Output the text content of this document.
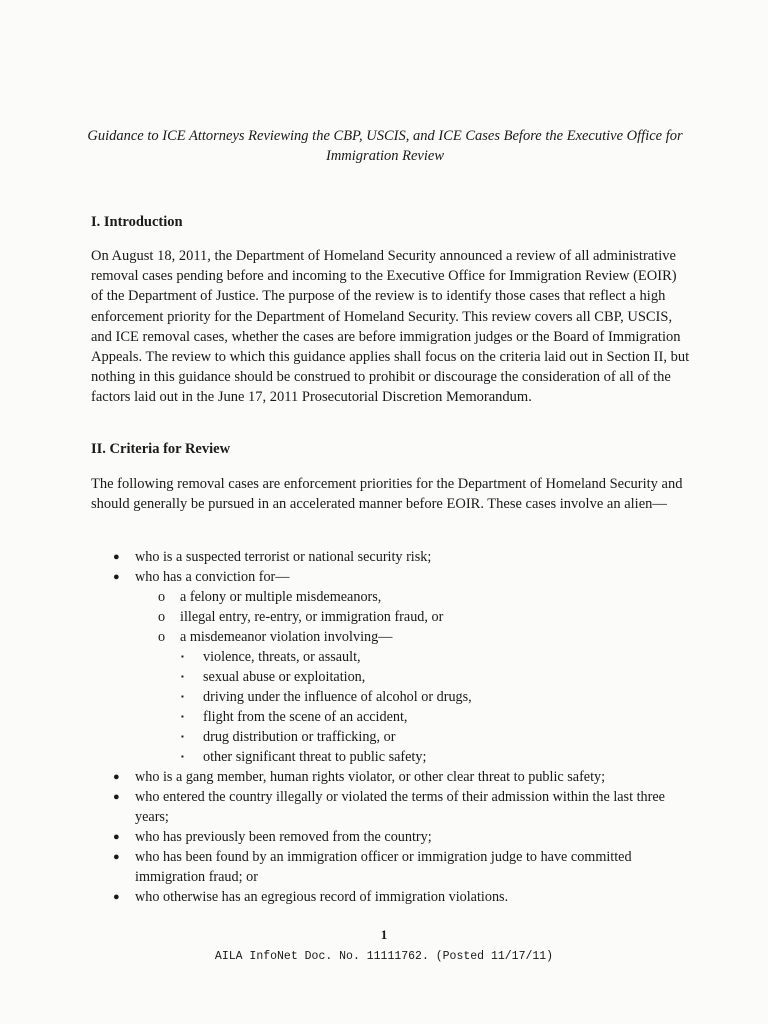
Guidance to ICE Attorneys Reviewing the CBP, USCIS, and ICE Cases Before the Executive Office for Immigration Review
I. Introduction
On August 18, 2011, the Department of Homeland Security announced a review of all administrative removal cases pending before and incoming to the Executive Office for Immigration Review (EOIR) of the Department of Justice. The purpose of the review is to identify those cases that reflect a high enforcement priority for the Department of Homeland Security. This review covers all CBP, USCIS, and ICE removal cases, whether the cases are before immigration judges or the Board of Immigration Appeals. The review to which this guidance applies shall focus on the criteria laid out in Section II, but nothing in this guidance should be construed to prohibit or discourage the consideration of all of the factors laid out in the June 17, 2011 Prosecutorial Discretion Memorandum.
II. Criteria for Review
The following removal cases are enforcement priorities for the Department of Homeland Security and should generally be pursued in an accelerated manner before EOIR. These cases involve an alien—
● who is a suspected terrorist or national security risk;
● who has a conviction for—
o a felony or multiple misdemeanors,
o illegal entry, re-entry, or immigration fraud, or
o a misdemeanor violation involving—
▪ violence, threats, or assault,
▪ sexual abuse or exploitation,
▪ driving under the influence of alcohol or drugs,
▪ flight from the scene of an accident,
▪ drug distribution or trafficking, or
▪ other significant threat to public safety;
● who is a gang member, human rights violator, or other clear threat to public safety;
● who entered the country illegally or violated the terms of their admission within the last three years;
● who has previously been removed from the country;
● who has been found by an immigration officer or immigration judge to have committed immigration fraud; or
● who otherwise has an egregious record of immigration violations.
1
AILA InfoNet Doc. No. 11111762. (Posted 11/17/11)
